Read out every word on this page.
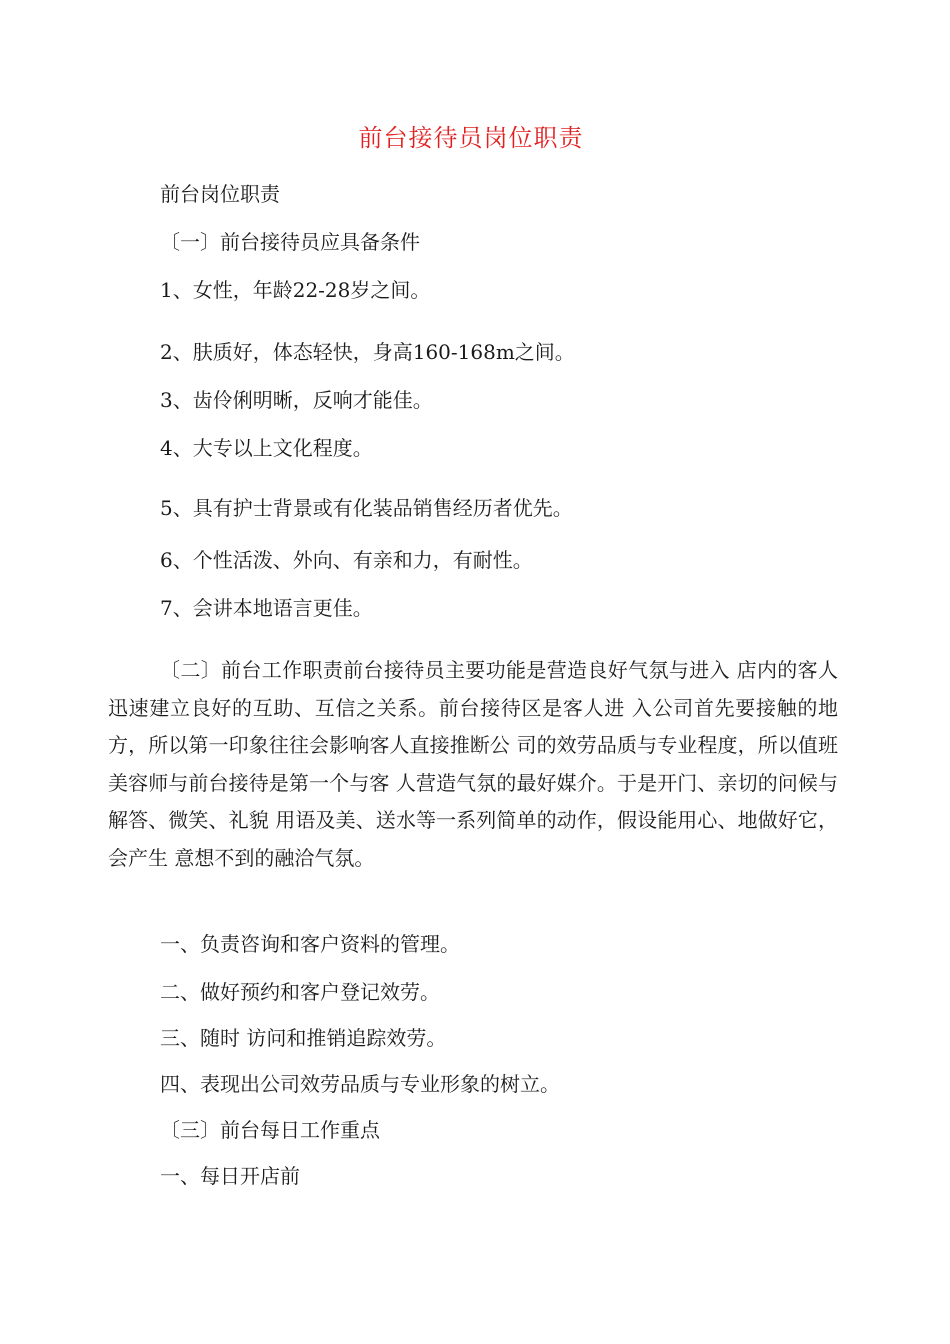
前台接待员岗位职责
前台岗位职责
〔一〕前台接待员应具备条件
1、女性，年龄22-28岁之间。
2、肤质好，体态轻快，身高160-168m之间。
3、齿伶俐明晰，反响才能佳。
4、大专以上文化程度。
5、具有护士背景或有化装品销售经历者优先。
6、个性活泼、外向、有亲和力，有耐性。
7、会讲本地语言更佳。
〔二〕前台工作职责前台接待员主要功能是营造良好气氛与进入 店内的客人迅速建立良好的互助、互信之关系。前台接待区是客人进 入公司首先要接触的地方，所以第一印象往往会影响客人直接推断公 司的效劳品质与专业程度，所以值班美容师与前台接待是第一个与客 人营造气氛的最好媒介。于是开门、亲切的问候与解答、微笑、礼貌 用语及美、送水等一系列简单的动作，假设能用心、地做好它，会产生 意想不到的融洽气氛。
一、负责咨询和客户资料的管理。
二、做好预约和客户登记效劳。
三、随时 访问和推销追踪效劳。
四、表现出公司效劳品质与专业形象的树立。
〔三〕前台每日工作重点
一、每日开店前
